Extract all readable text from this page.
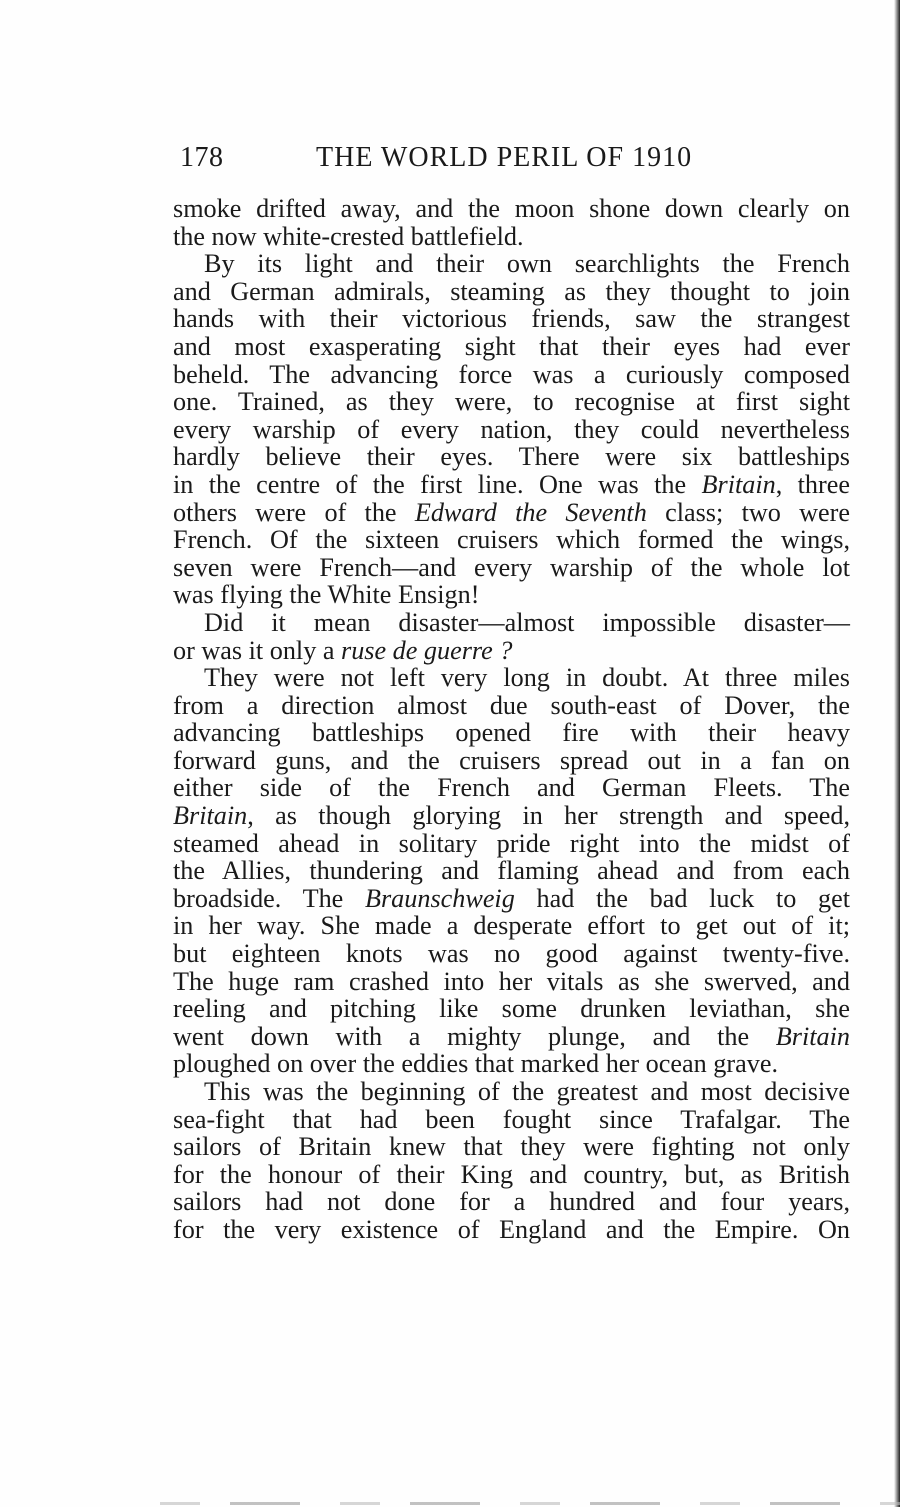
178	THE WORLD PERIL OF 1910
smoke drifted away, and the moon shone down clearly on
the now white-crested battlefield.
By its light and their own searchlights the French
and German admirals, steaming as they thought to join
hands with their victorious friends, saw the strangest
and most exasperating sight that their eyes had ever
beheld. The advancing force was a curiously composed
one. Trained, as they were, to recognise at first sight
every warship of every nation, they could nevertheless
hardly believe their eyes. There were six battleships
in the centre of the first line. One was the Britain, three
others were of the Edward the Seventh class; two were
French. Of the sixteen cruisers which formed the wings,
seven were French—and every warship of the whole lot
was flying the White Ensign!
Did it mean disaster—almost impossible disaster—
or was it only a ruse de guerre ?
They were not left very long in doubt. At three miles
from a direction almost due south-east of Dover, the
advancing battleships opened fire with their heavy
forward guns, and the cruisers spread out in a fan on
either side of the French and German Fleets. The
Britain, as though glorying in her strength and speed,
steamed ahead in solitary pride right into the midst of
the Allies, thundering and flaming ahead and from each
broadside. The Braunschweig had the bad luck to get
in her way. She made a desperate effort to get out of it;
but eighteen knots was no good against twenty-five.
The huge ram crashed into her vitals as she swerved, and
reeling and pitching like some drunken leviathan, she
went down with a mighty plunge, and the Britain
ploughed on over the eddies that marked her ocean grave.
This was the beginning of the greatest and most decisive
sea-fight that had been fought since Trafalgar. The
sailors of Britain knew that they were fighting not only
for the honour of their King and country, but, as British
sailors had not done for a hundred and four years,
for the very existence of England and the Empire. On
